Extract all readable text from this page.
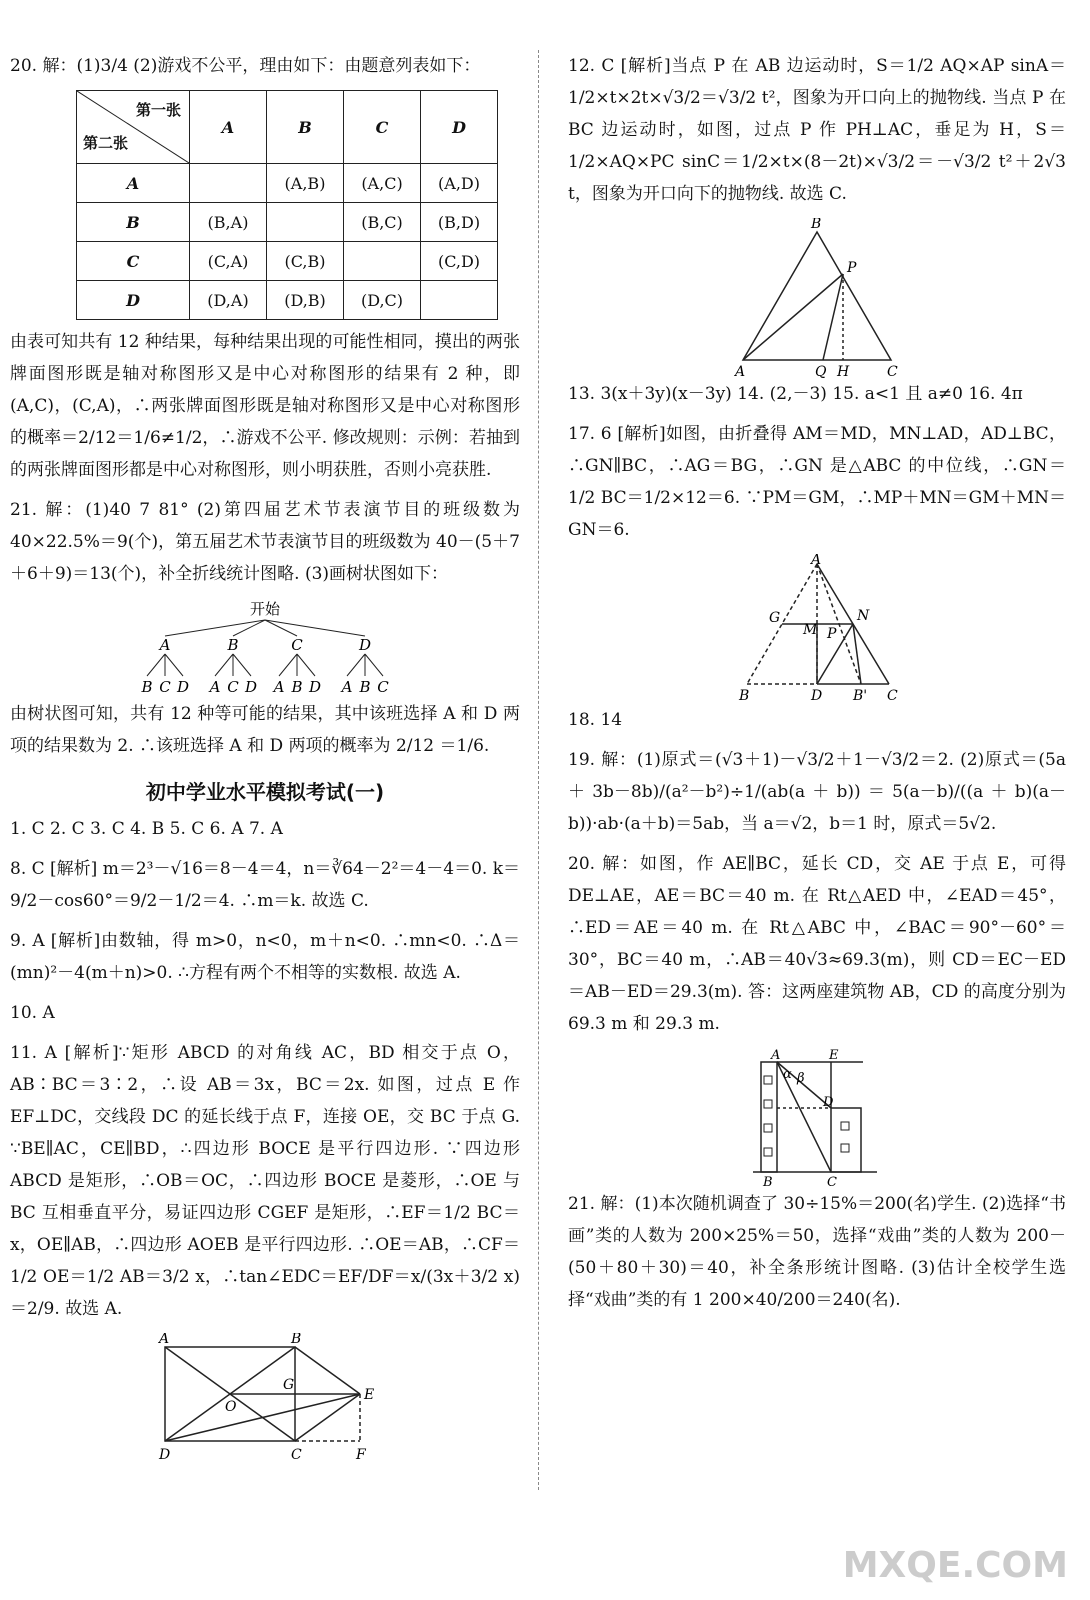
20. 解：(1)3/4 (2)游戏不公平，理由如下：由题意列表如下：

第一张
第二张	A	B	C	D
A		(A,B)	(A,C)	(A,D)
B	(B,A)		(B,C)	(B,D)
C	(C,A)	(C,B)		(C,D)
D	(D,A)	(D,B)	(D,C)	

由表可知共有 12 种结果，每种结果出现的可能性相同，摸出的两张牌面图形既是轴对称图形又是中心对称图形的结果有 2 种，即(A,C)，(C,A)，∴两张牌面图形既是轴对称图形又是中心对称图形的概率＝2/12＝1/6≠1/2，∴游戏不公平. 修改规则：示例：若抽到的两张牌面图形都是中心对称图形，则小明获胜，否则小亮获胜.

21. 解：(1)40 7 81° (2)第四届艺术节表演节目的班级数为 40×22.5%＝9(个)，第五届艺术节表演节目的班级数为 40－(5＋7＋6＋9)＝13(个)，补全折线统计图略. (3)画树状图如下：

开始
A	B	C	D
B C D A C D A B D A B C

由树状图可知，共有 12 种等可能的结果，其中该班选择 A 和 D 两项的结果数为 2. ∴该班选择 A 和 D 两项的概率为 2/12 ＝1/6.

初中学业水平模拟考试(一)

1. C 2. C 3. C 4. B 5. C 6. A 7. A

8. C [解析] m＝2³－√16＝8－4＝4，n＝∛64－2²＝4－4＝0. k＝9/2－cos60°＝9/2－1/2＝4. ∴m＝k. 故选 C.

9. A [解析]由数轴，得 m>0，n<0，m＋n<0. ∴mn<0. ∴Δ＝(mn)²－4(m＋n)>0. ∴方程有两个不相等的实数根. 故选 A.

10. A

11. A [解析]∵矩形 ABCD 的对角线 AC，BD 相交于点 O，AB∶BC＝3∶2，∴设 AB＝3x，BC＝2x. 如图，过点 E 作 EF⊥DC，交线段 DC 的延长线于点 F，连接 OE，交 BC 于点 G. ∵BE∥AC，CE∥BD，∴四边形 BOCE 是平行四边形. ∵四边形 ABCD 是矩形，∴OB＝OC，∴四边形 BOCE 是菱形，∴OE 与 BC 互相垂直平分，易证四边形 CGEF 是矩形，∴EF＝1/2 BC＝x，OE∥AB，∴四边形 AOEB 是平行四边形. ∴OE＝AB，∴CF＝1/2 OE＝1/2 AB＝3/2 x，∴tan∠EDC＝EF/DF＝x/(3x＋3/2 x)＝2/9. 故选 A.

A	B
G
O
E
D	C	F

12. C [解析]当点 P 在 AB 边运动时，S＝1/2 AQ×AP sinA＝1/2×t×2t×√3/2＝√3/2 t²，图象为开口向上的抛物线. 当点 P 在 BC 边运动时，如图，过点 P 作 PH⊥AC，垂足为 H，S＝1/2×AQ×PC sinC＝1/2×t×(8－2t)×√3/2＝－√3/2 t²＋2√3 t，图象为开口向下的抛物线. 故选 C.

B
P
A	Q H	C

13. 3(x＋3y)(x－3y) 14. (2,－3) 15. a<1 且 a≠0 16. 4π

17. 6 [解析]如图，由折叠得 AM＝MD，MN⊥AD，AD⊥BC，∴GN∥BC，∴AG＝BG，∴GN 是△ABC 的中位线，∴GN＝1/2 BC＝1/2×12＝6. ∵PM＝GM，∴MP＋MN＝GM＋MN＝GN＝6.

A
G
M P
N
B	D B' C

18. 14

19. 解：(1)原式＝(√3＋1)－√3/2＋1－√3/2＝2. (2)原式＝(5a＋3b－8b)/(a²－b²)÷1/(ab(a＋b))＝5(a－b)/((a＋b)(a－b))·ab·(a＋b)＝5ab，当 a＝√2，b＝1 时，原式＝5√2.

20. 解：如图，作 AE∥BC，延长 CD，交 AE 于点 E，可得 DE⊥AE，AE＝BC＝40 m. 在 Rt△AED 中，∠EAD＝45°，∴ED＝AE＝40 m. 在 Rt△ABC 中，∠BAC＝90°－60°＝30°，BC＝40 m，∴AB＝40√3≈69.3(m)，则 CD＝EC－ED＝AB－ED＝29.3(m). 答：这两座建筑物 AB，CD 的高度分别为 69.3 m 和 29.3 m.

A	E
α β
D
B	C

21. 解：(1)本次随机调查了 30÷15%＝200(名)学生. (2)选择“书画”类的人数为 200×25%＝50，选择“戏曲”类的人数为 200－(50＋80＋30)＝40，补全条形统计图略. (3)估计全校学生选择“戏曲”类的有 1 200×40/200＝240(名).

MXQE.COM
